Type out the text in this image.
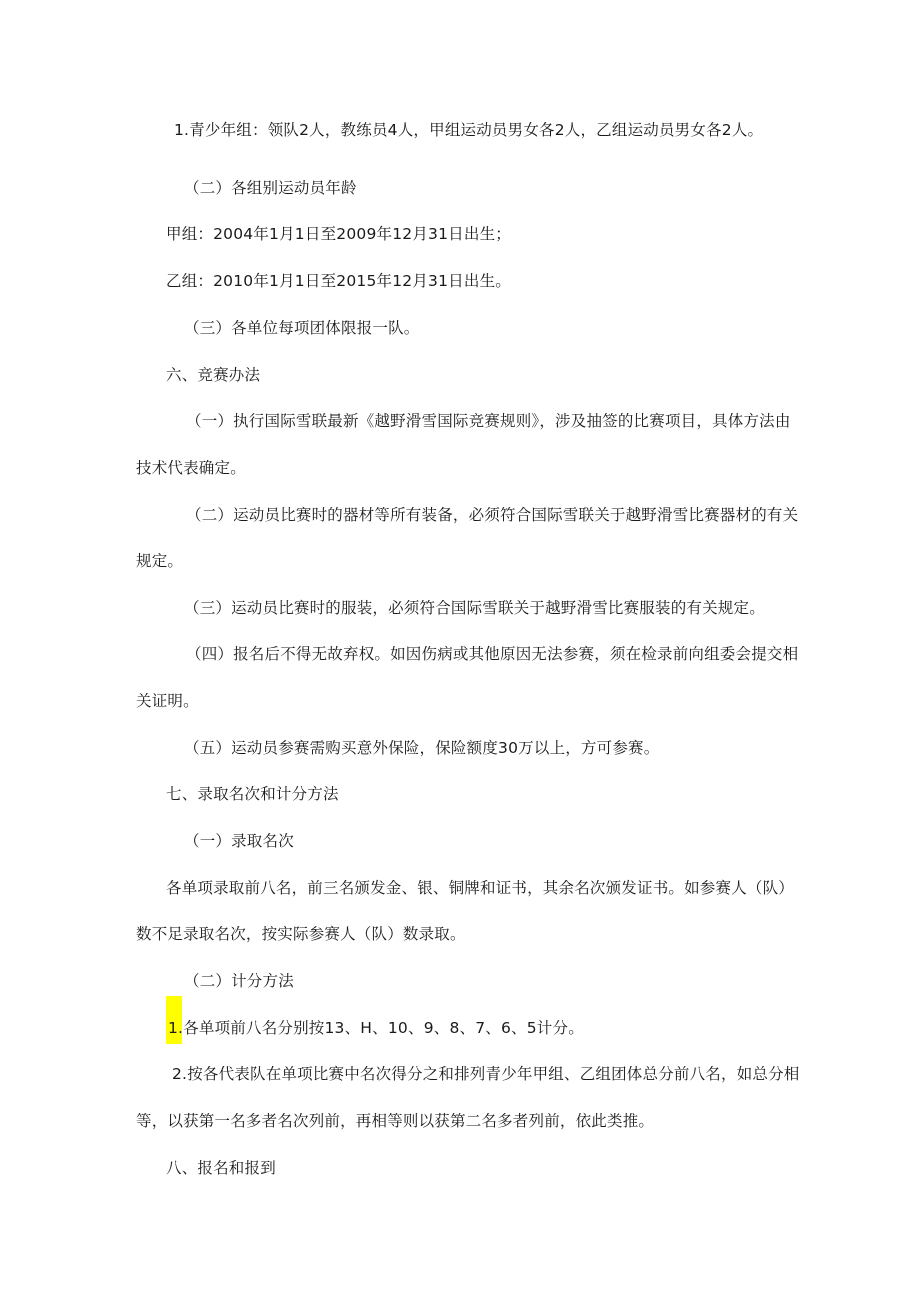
1.青少年组：领队2人，教练员4人，甲组运动员男女各2人，乙组运动员男女各2人。
（二）各组别运动员年龄
甲组：2004年1月1日至2009年12月31日出生；
乙组：2010年1月1日至2015年12月31日出生。
（三）各单位每项团体限报一队。
六、竞赛办法
（一）执行国际雪联最新《越野滑雪国际竞赛规则》，涉及抽签的比赛项目，具体方法由
技术代表确定。
（二）运动员比赛时的器材等所有装备，必须符合国际雪联关于越野滑雪比赛器材的有关
规定。
（三）运动员比赛时的服装，必须符合国际雪联关于越野滑雪比赛服装的有关规定。
（四）报名后不得无故弃权。如因伤病或其他原因无法参赛，须在检录前向组委会提交相
关证明。
（五）运动员参赛需购买意外保险，保险额度30万以上，方可参赛。
七、录取名次和计分方法
（一）录取名次
各单项录取前八名，前三名颁发金、银、铜牌和证书，其余名次颁发证书。如参赛人（队）
数不足录取名次，按实际参赛人（队）数录取。
（二）计分方法
1.各单项前八名分别按13、H、10、9、8、7、6、5计分。
2.按各代表队在单项比赛中名次得分之和排列青少年甲组、乙组团体总分前八名，如总分相
等，以获第一名多者名次列前，再相等则以获第二名多者列前，依此类推。
八、报名和报到
